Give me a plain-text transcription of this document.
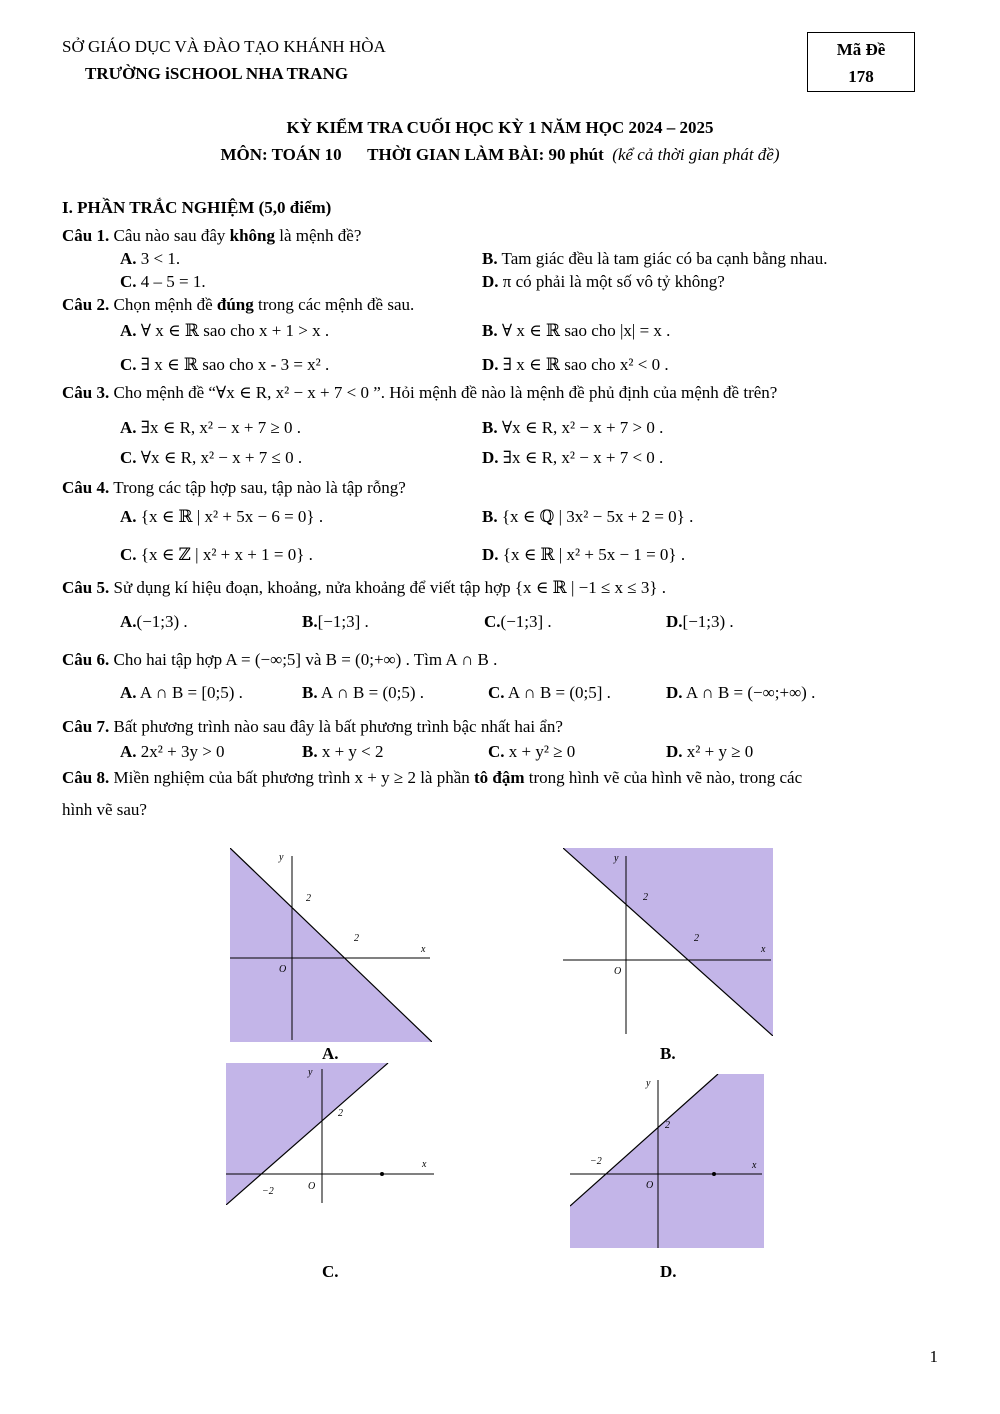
SỞ GIÁO DỤC VÀ ĐÀO TẠO KHÁNH HÒA
TRƯỜNG iSCHOOL NHA TRANG
Mã Đề
178
KỲ KIỂM TRA CUỐI HỌC KỲ 1 NĂM HỌC 2024 – 2025
MÔN: TOÁN 10 THỜI GIAN LÀM BÀI: 90 phút (kể cả thời gian phát đề)
I. PHẦN TRẮC NGHIỆM (5,0 điểm)
Câu 1. Câu nào sau đây không là mệnh đề?
A. 3 < 1.	B. Tam giác đều là tam giác có ba cạnh bằng nhau.
C. 4 – 5 = 1.	D. π có phải là một số vô tỷ không?
Câu 2. Chọn mệnh đề đúng trong các mệnh đề sau.
A. ∀ x ∈ ℝ sao cho x + 1 > x .	B. ∀ x ∈ ℝ sao cho |x| = x .
C. ∃ x ∈ ℝ sao cho x - 3 = x² .	D. ∃ x ∈ ℝ sao cho x² < 0 .
Câu 3. Cho mệnh đề “∀x ∈ R, x² − x + 7 < 0 ”. Hỏi mệnh đề nào là mệnh đề phủ định của mệnh đề trên?
A. ∃x ∈ R, x² − x + 7 ≥ 0 .	B. ∀x ∈ R, x² − x + 7 > 0 .
C. ∀x ∈ R, x² − x + 7 ≤ 0 .	D. ∃x ∈ R, x² − x + 7 < 0 .
Câu 4. Trong các tập hợp sau, tập nào là tập rỗng?
A. {x ∈ ℝ | x² + 5x − 6 = 0} .	B. {x ∈ ℚ | 3x² − 5x + 2 = 0} .
C. {x ∈ ℤ | x² + x + 1 = 0} .	D. {x ∈ ℝ | x² + 5x − 1 = 0} .
Câu 5. Sử dụng kí hiệu đoạn, khoảng, nửa khoảng để viết tập hợp {x ∈ ℝ | −1 ≤ x ≤ 3} .
A.(−1;3) .	B.[−1;3] .	C.(−1;3] .	D.[−1;3) .
Câu 6. Cho hai tập hợp A = (−∞;5] và B = (0;+∞) . Tìm A ∩ B .
A. A ∩ B = [0;5) .	B. A ∩ B = (0;5) .	C. A ∩ B = (0;5] .	D. A ∩ B = (−∞;+∞) .
Câu 7. Bất phương trình nào sau đây là bất phương trình bậc nhất hai ẩn?
A. 2x² + 3y > 0	B. x + y < 2	C. x + y² ≥ 0	D. x² + y ≥ 0
Câu 8. Miền nghiệm của bất phương trình x + y ≥ 2 là phần tô đậm trong hình vẽ của hình vẽ nào, trong các
hình vẽ sau?
x
y
O
2
2
A.
x
y
O
2
2
B.
x
y
O
2
−2
C.
x
y
O
2
−2
D.
1
